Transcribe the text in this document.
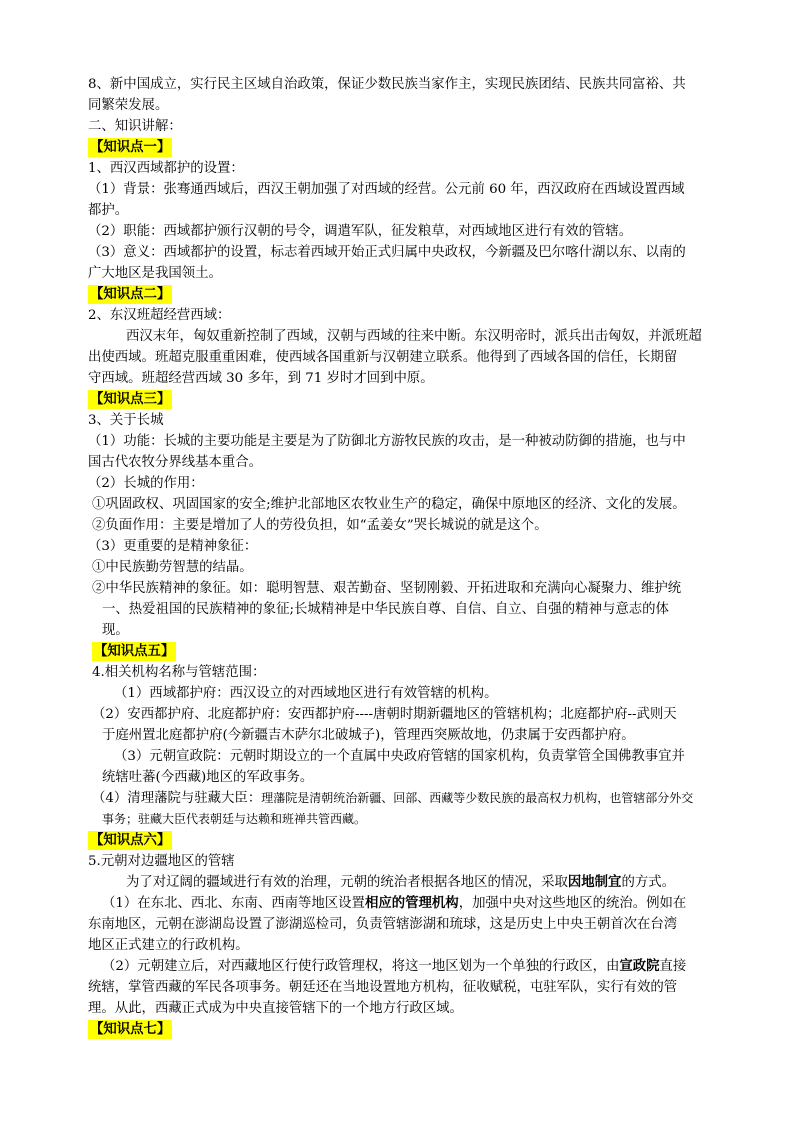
8、新中国成立，实行民主区域自治政策，保证少数民族当家作主，实现民族团结、民族共同富裕、共
同繁荣发展。
二、知识讲解：
【知识点一】
1、西汉西域都护的设置：
（1）背景：张骞通西域后，西汉王朝加强了对西域的经营。公元前 60 年，西汉政府在西域设置西域
都护。
（2）职能：西域都护颁行汉朝的号令，调遣军队，征发粮草，对西域地区进行有效的管辖。
（3）意义：西域都护的设置，标志着西域开始正式归属中央政权，今新疆及巴尔喀什湖以东、以南的
广大地区是我国领土。
【知识点二】
2、东汉班超经营西域：
西汉末年，匈奴重新控制了西域，汉朝与西域的往来中断。东汉明帝时，派兵出击匈奴，并派班超
出使西域。班超克服重重困难，使西域各国重新与汉朝建立联系。他得到了西域各国的信任，长期留
守西域。班超经营西域 30 多年，到 71 岁时才回到中原。
【知识点三】
3、关于长城
（1）功能：长城的主要功能是主要是为了防御北方游牧民族的攻击，是一种被动防御的措施，也与中
国古代农牧分界线基本重合。
（2）长城的作用：
①巩固政权、巩固国家的安全;维护北部地区农牧业生产的稳定，确保中原地区的经济、文化的发展。
②负面作用：主要是增加了人的劳役负担，如“孟姜女”哭长城说的就是这个。
（3）更重要的是精神象征：
①中民族勤劳智慧的结晶。
②中华民族精神的象征。如：聪明智慧、艰苦勤奋、坚韧刚毅、开拓进取和充满向心凝聚力、维护统
一、热爱祖国的民族精神的象征;长城精神是中华民族自尊、自信、自立、自强的精神与意志的体
现。
【知识点五】
4.相关机构名称与管辖范围：
（1）西域都护府：西汉设立的对西域地区进行有效管辖的机构。
（2）安西都护府、北庭都护府：安西都护府----唐朝时期新疆地区的管辖机构；北庭都护府--武则天
于庭州置北庭都护府(今新疆吉木萨尔北破城子)，管理西突厥故地，仍隶属于安西都护府。
（3）元朝宣政院：元朝时期设立的一个直属中央政府管辖的国家机构，负责掌管全国佛教事宜并
统辖吐蕃(今西藏)地区的军政事务。
（4）清理藩院与驻藏大臣：理藩院是清朝统治新疆、回部、西藏等少数民族的最高权力机构，也管辖部分外交
事务；驻藏大臣代表朝廷与达赖和班禅共管西藏。
【知识点六】
5.元朝对边疆地区的管辖
为了对辽阔的疆域进行有效的治理，元朝的统治者根据各地区的情况，采取因地制宜的方式。
（1）在东北、西北、东南、西南等地区设置相应的管理机构，加强中央对这些地区的统治。例如在
东南地区，元朝在澎湖岛设置了澎湖巡检司，负责管辖澎湖和琉球，这是历史上中央王朝首次在台湾
地区正式建立的行政机构。
（2）元朝建立后，对西藏地区行使行政管理权，将这一地区划为一个单独的行政区，由宣政院直接
统辖，掌管西藏的军民各项事务。朝廷还在当地设置地方机构，征收赋税，屯驻军队，实行有效的管
理。从此，西藏正式成为中央直接管辖下的一个地方行政区域。
【知识点七】
